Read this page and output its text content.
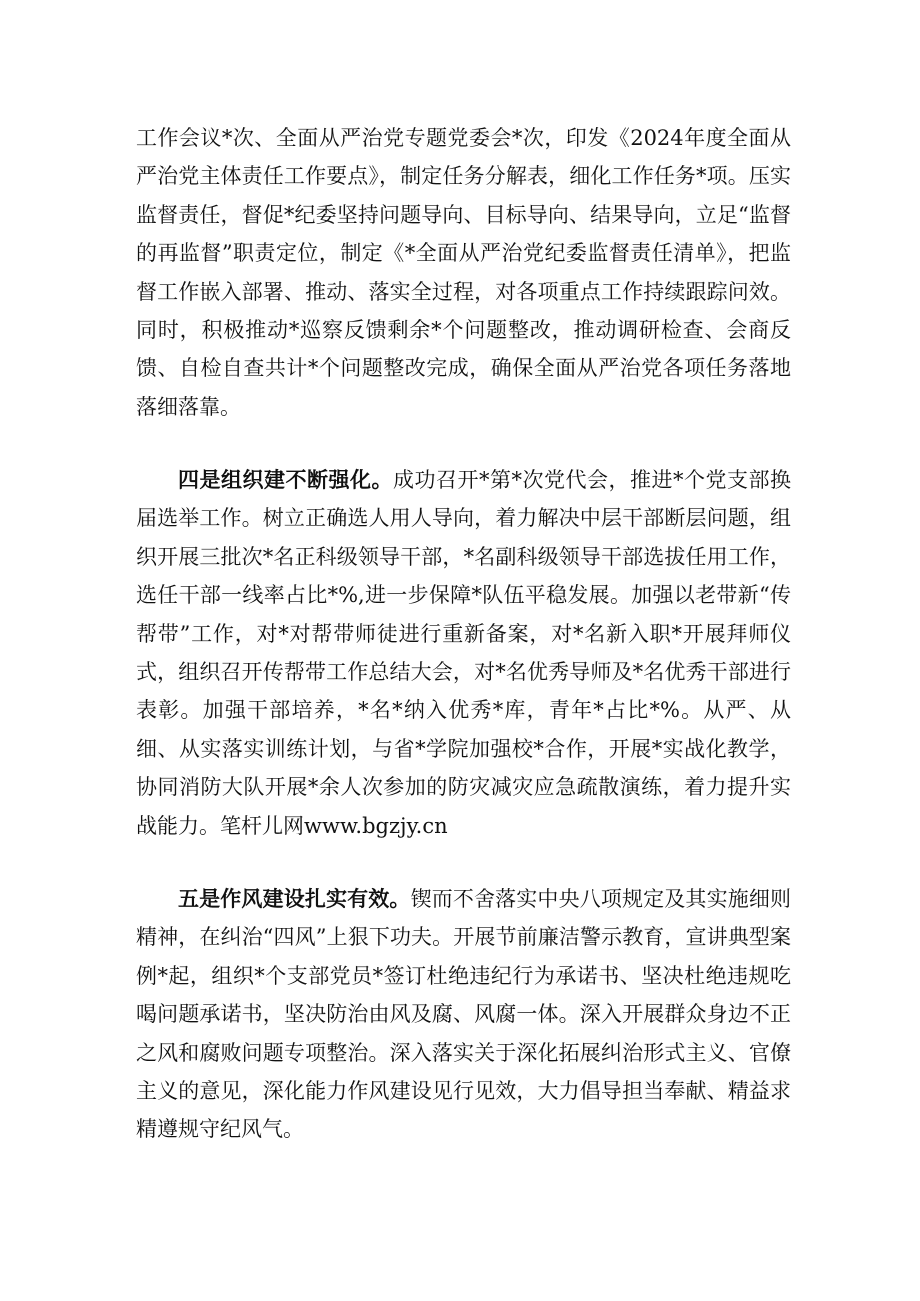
工作会议*次、全面从严治党专题党委会*次，印发《2024年度全面从严治党主体责任工作要点》，制定任务分解表，细化工作任务*项。压实监督责任，督促*纪委坚持问题导向、目标导向、结果导向，立足“监督的再监督”职责定位，制定《*全面从严治党纪委监督责任清单》，把监督工作嵌入部署、推动、落实全过程，对各项重点工作持续跟踪问效。同时，积极推动*巡察反馈剩余*个问题整改，推动调研检查、会商反馈、自检自查共计*个问题整改完成，确保全面从严治党各项任务落地落细落靠。

四是组织建不断强化。成功召开*第*次党代会，推进*个党支部换届选举工作。树立正确选人用人导向，着力解决中层干部断层问题，组织开展三批次*名正科级领导干部，*名副科级领导干部选拔任用工作，选任干部一线率占比*%,进一步保障*队伍平稳发展。加强以老带新“传帮带”工作，对*对帮带师徒进行重新备案，对*名新入职*开展拜师仪式，组织召开传帮带工作总结大会，对*名优秀导师及*名优秀干部进行表彰。加强干部培养，*名*纳入优秀*库，青年*占比*%。从严、从细、从实落实训练计划，与省*学院加强校*合作，开展*实战化教学，协同消防大队开展*余人次参加的防灾减灾应急疏散演练，着力提升实战能力。笔杆儿网www.bgzjy.cn

五是作风建设扎实有效。锲而不舍落实中央八项规定及其实施细则精神，在纠治“四风”上狠下功夫。开展节前廉洁警示教育，宣讲典型案例*起，组织*个支部党员*签订杜绝违纪行为承诺书、坚决杜绝违规吃喝问题承诺书，坚决防治由风及腐、风腐一体。深入开展群众身边不正之风和腐败问题专项整治。深入落实关于深化拓展纠治形式主义、官僚主义的意见，深化能力作风建设见行见效，大力倡导担当奉献、精益求精遵规守纪风气。
